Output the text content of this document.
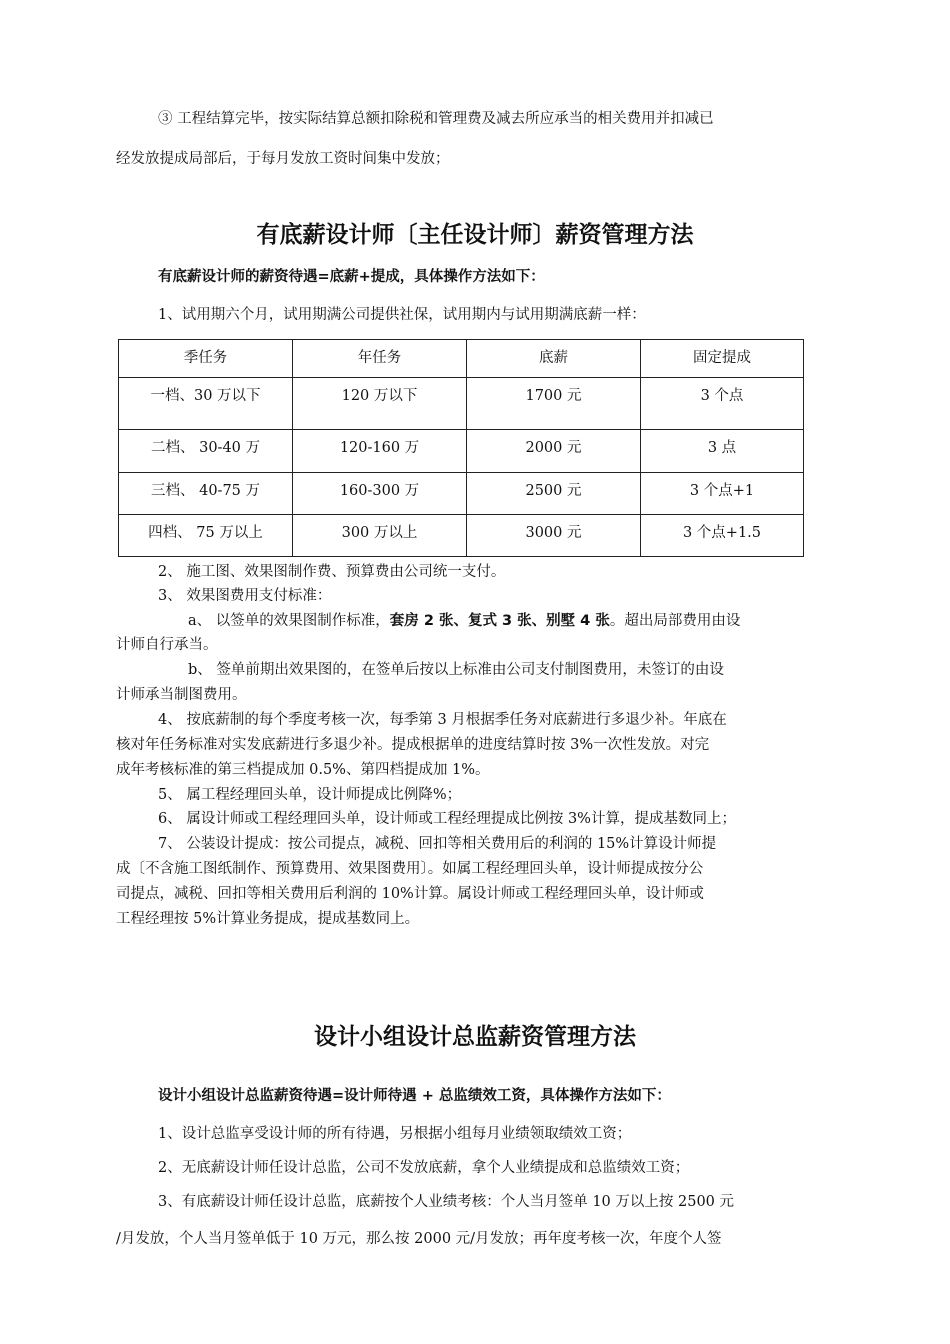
③ 工程结算完毕，按实际结算总额扣除税和管理费及减去所应承当的相关费用并扣减已
经发放提成局部后，于每月发放工资时间集中发放；
有底薪设计师〔主任设计师〕薪资管理方法
有底薪设计师的薪资待遇=底薪+提成，具体操作方法如下：
1、试用期六个月，试用期满公司提供社保，试用期内与试用期满底薪一样：
季任务	年任务	底薪	固定提成
一档、30 万以下	120 万以下	1700 元	3 个点
二档、 30-40 万	120-160 万	2000 元	3 点
三档、 40-75 万	160-300 万	2500 元	3 个点+1
四档、 75 万以上	300 万以上	3000 元	3 个点+1.5
2、 施工图、效果图制作费、预算费由公司统一支付。
3、 效果图费用支付标准：
a、 以签单的效果图制作标准，套房 2 张、复式 3 张、别墅 4 张。超出局部费用由设
计师自行承当。
b、 签单前期出效果图的，在签单后按以上标准由公司支付制图费用，未签订的由设
计师承当制图费用。
4、 按底薪制的每个季度考核一次，每季第 3 月根据季任务对底薪进行多退少补。年底在
核对年任务标准对实发底薪进行多退少补。提成根据单的进度结算时按 3%一次性发放。对完
成年考核标准的第三档提成加 0.5%、第四档提成加 1%。
5、 属工程经理回头单，设计师提成比例降%；
6、 属设计师或工程经理回头单，设计师或工程经理提成比例按 3%计算，提成基数同上；
7、 公装设计提成：按公司提点，减税、回扣等相关费用后的利润的 15%计算设计师提
成〔不含施工图纸制作、预算费用、效果图费用〕。如属工程经理回头单，设计师提成按分公
司提点，减税、回扣等相关费用后利润的 10%计算。属设计师或工程经理回头单，设计师或
工程经理按 5%计算业务提成，提成基数同上。
设计小组设计总监薪资管理方法
设计小组设计总监薪资待遇=设计师待遇 + 总监绩效工资，具体操作方法如下：
1、设计总监享受设计师的所有待遇，另根据小组每月业绩领取绩效工资；
2、无底薪设计师任设计总监，公司不发放底薪，拿个人业绩提成和总监绩效工资；
3、有底薪设计师任设计总监，底薪按个人业绩考核：个人当月签单 10 万以上按 2500 元
/月发放，个人当月签单低于 10 万元，那么按 2000 元/月发放；再年度考核一次，年度个人签
